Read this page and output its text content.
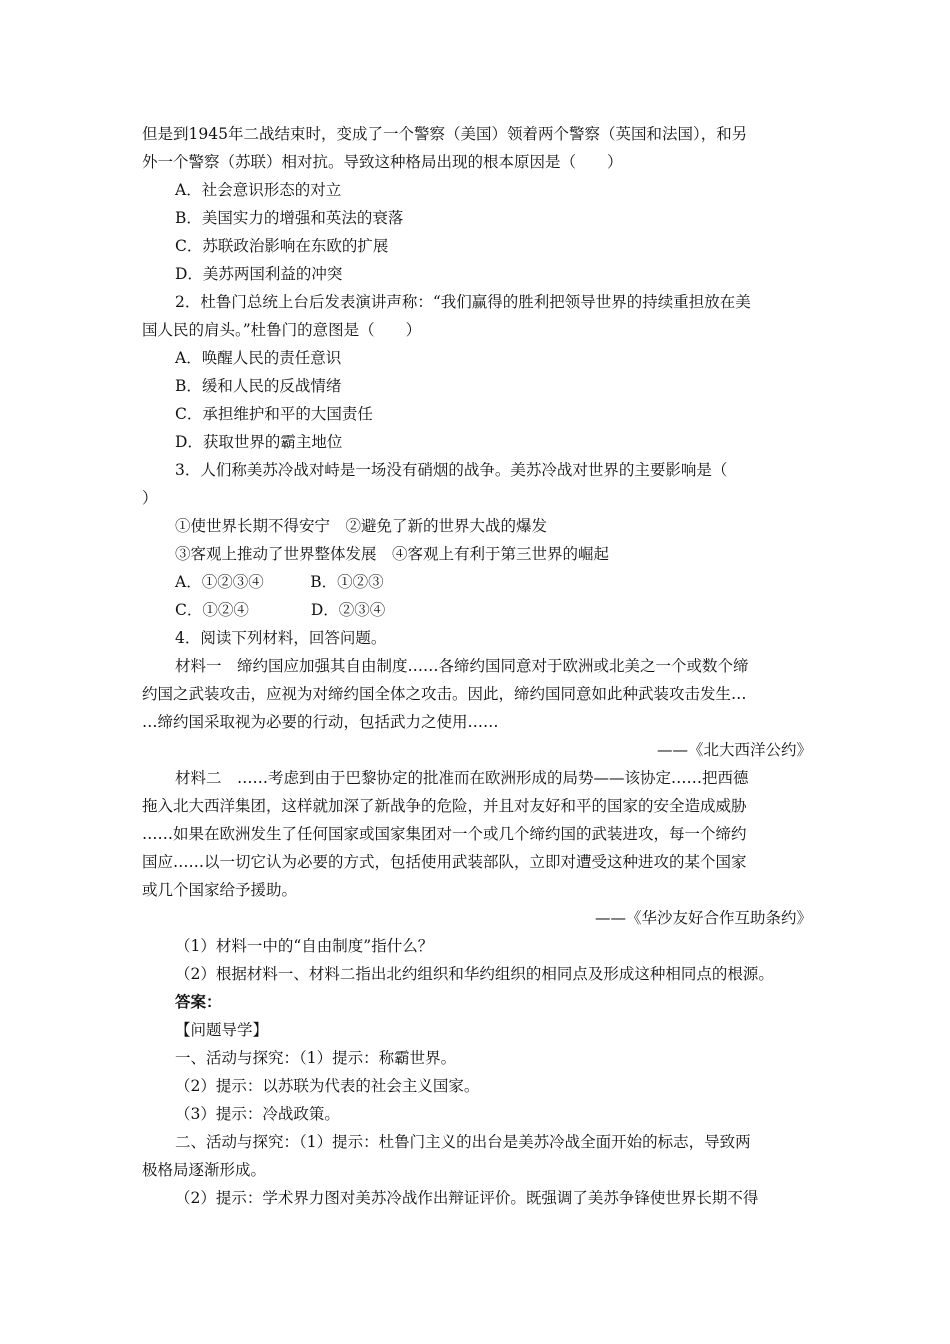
但是到1945年二战结束时，变成了一个警察（美国）领着两个警察（英国和法国），和另

外一个警察（苏联）相对抗。导致这种格局出现的根本原因是（　　）

A．社会意识形态的对立

B．美国实力的增强和英法的衰落

C．苏联政治影响在东欧的扩展

D．美苏两国利益的冲突

2．杜鲁门总统上台后发表演讲声称：“我们赢得的胜利把领导世界的持续重担放在美

国人民的肩头。”杜鲁门的意图是（　　）

A．唤醒人民的责任意识

B．缓和人民的反战情绪

C．承担维护和平的大国责任

D．获取世界的霸主地位

3．人们称美苏冷战对峙是一场没有硝烟的战争。美苏冷战对世界的主要影响是（

）

①使世界长期不得安宁　②避免了新的世界大战的爆发

③客观上推动了世界整体发展　④客观上有利于第三世界的崛起

A．①②③④　　　B．①②③

C．①②④　　　　D．②③④

4．阅读下列材料，回答问题。

材料一　缔约国应加强其自由制度……各缔约国同意对于欧洲或北美之一个或数个缔

约国之武装攻击，应视为对缔约国全体之攻击。因此，缔约国同意如此种武装攻击发生…

…缔约国采取视为必要的行动，包括武力之使用……

——《北大西洋公约》

材料二　……考虑到由于巴黎协定的批准而在欧洲形成的局势——该协定……把西德

拖入北大西洋集团，这样就加深了新战争的危险，并且对友好和平的国家的安全造成威胁

……如果在欧洲发生了任何国家或国家集团对一个或几个缔约国的武装进攻，每一个缔约

国应……以一切它认为必要的方式，包括使用武装部队，立即对遭受这种进攻的某个国家

或几个国家给予援助。

——《华沙友好合作互助条约》

（1）材料一中的“自由制度”指什么？

（2）根据材料一、材料二指出北约组织和华约组织的相同点及形成这种相同点的根源。

答案：

【问题导学】

一、活动与探究：（1）提示：称霸世界。

（2）提示：以苏联为代表的社会主义国家。

（3）提示：冷战政策。

二、活动与探究：（1）提示：杜鲁门主义的出台是美苏冷战全面开始的标志，导致两

极格局逐渐形成。

（2）提示：学术界力图对美苏冷战作出辩证评价。既强调了美苏争锋使世界长期不得
